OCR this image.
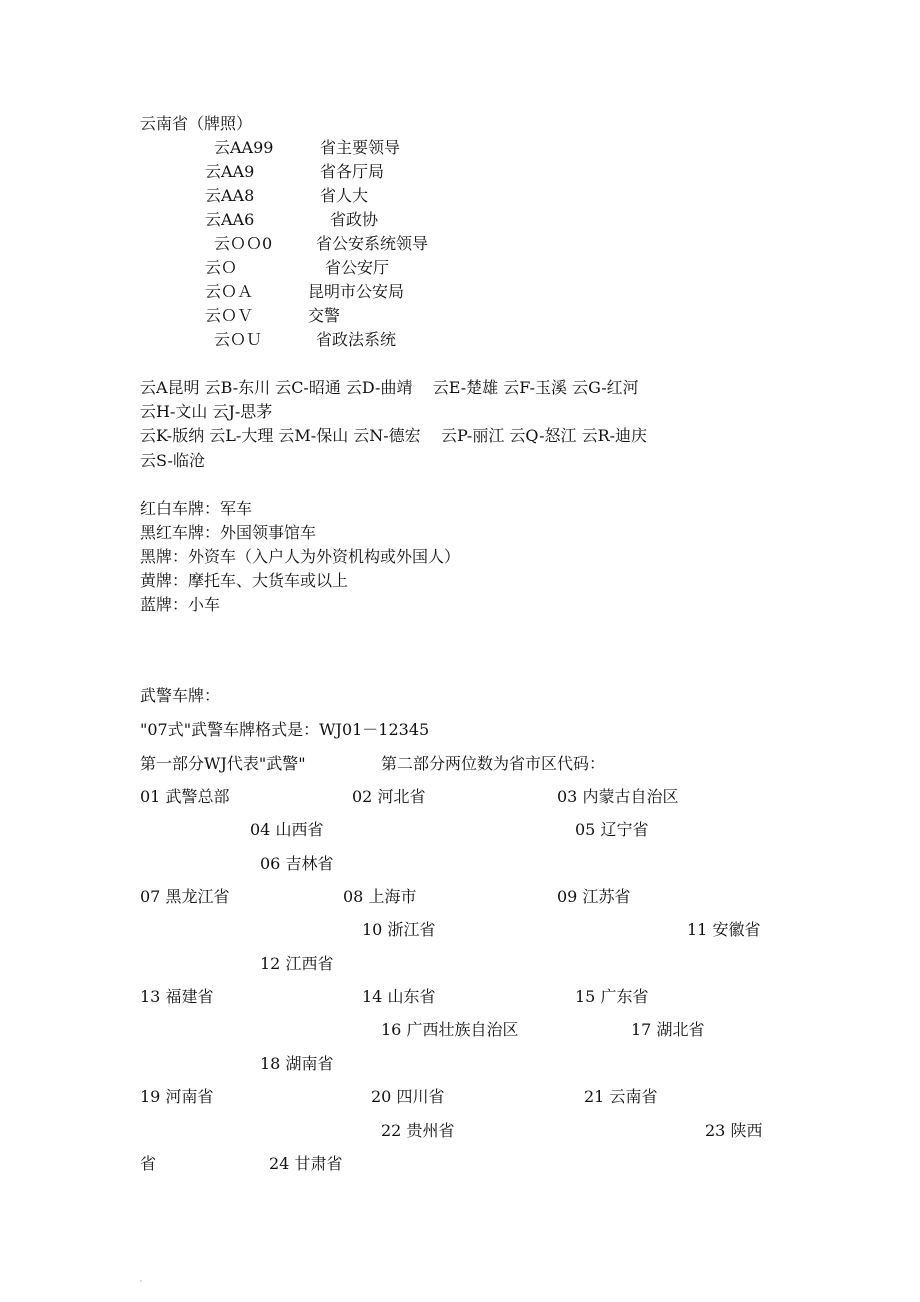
云南省（牌照）
云AA99	省主要领导
云AA9	省各厅局
云AA8	省人大
云AA6	省政协
云ＯＯ0	省公安系统领导
云Ｏ	省公安厅
云ＯＡ	昆明市公安局
云ＯＶ	交警
云ＯＵ	省政法系统
云A昆明 云B-东川 云C-昭通 云D-曲靖    云E-楚雄 云F-玉溪 云G-红河
云H-文山 云J-思茅
云K-版纳 云L-大理 云M-保山 云N-德宏    云P-丽江 云Q-怒江 云R-迪庆
云S-临沧
红白车牌：军车
黑红车牌：外国领事馆车
黑牌：外资车（入户人为外资机构或外国人）
黄牌：摩托车、大货车或以上
蓝牌：小车
武警车牌：
"07式"武警车牌格式是：WJ01－12345
第一部分WJ代表"武警"	第二部分两位数为省市区代码：
01 武警总部	02 河北省	03 内蒙古自治区
04 山西省	05 辽宁省
06 吉林省
07 黑龙江省	08 上海市	09 江苏省
10 浙江省	11 安徽省
12 江西省
13 福建省	14 山东省	15 广东省
16 广西壮族自治区	17 湖北省
18 湖南省
19 河南省	20 四川省	21 云南省
22 贵州省	23 陕西
省	24 甘肃省
